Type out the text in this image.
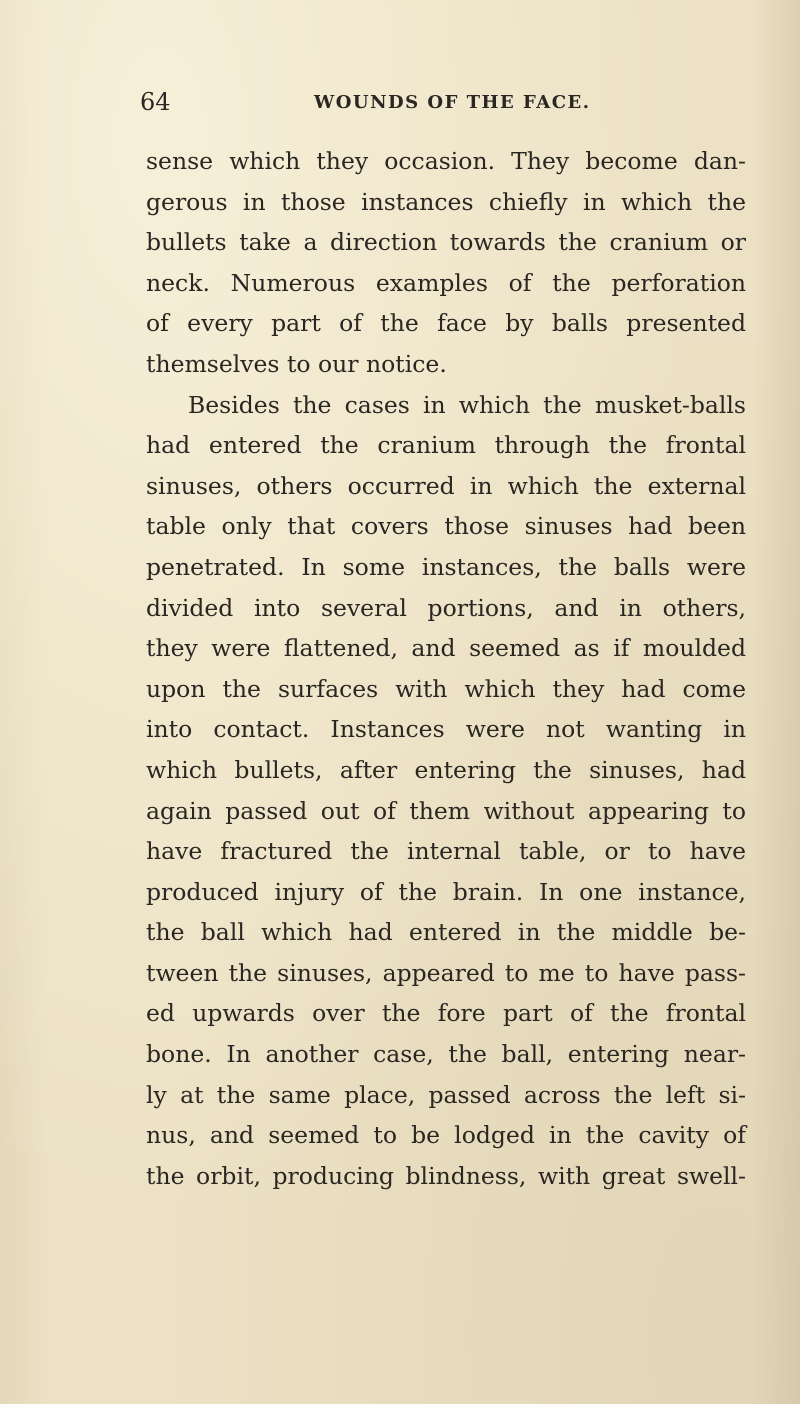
64	WOUNDS OF THE FACE.
sense which they occasion. They become dan-
gerous in those instances chiefly in which the
bullets take a direction towards the cranium or
neck. Numerous examples of the perforation
of every part of the face by balls presented
themselves to our notice.
Besides the cases in which the musket-balls
had entered the cranium through the frontal
sinuses, others occurred in which the external
table only that covers those sinuses had been
penetrated. In some instances, the balls were
divided into several portions, and in others,
they were flattened, and seemed as if moulded
upon the surfaces with which they had come
into contact. Instances were not wanting in
which bullets, after entering the sinuses, had
again passed out of them without appearing to
have fractured the internal table, or to have
produced injury of the brain. In one instance,
the ball which had entered in the middle be-
tween the sinuses, appeared to me to have pass-
ed upwards over the fore part of the frontal
bone. In another case, the ball, entering near-
ly at the same place, passed across the left si-
nus, and seemed to be lodged in the cavity of
the orbit, producing blindness, with great swell-
